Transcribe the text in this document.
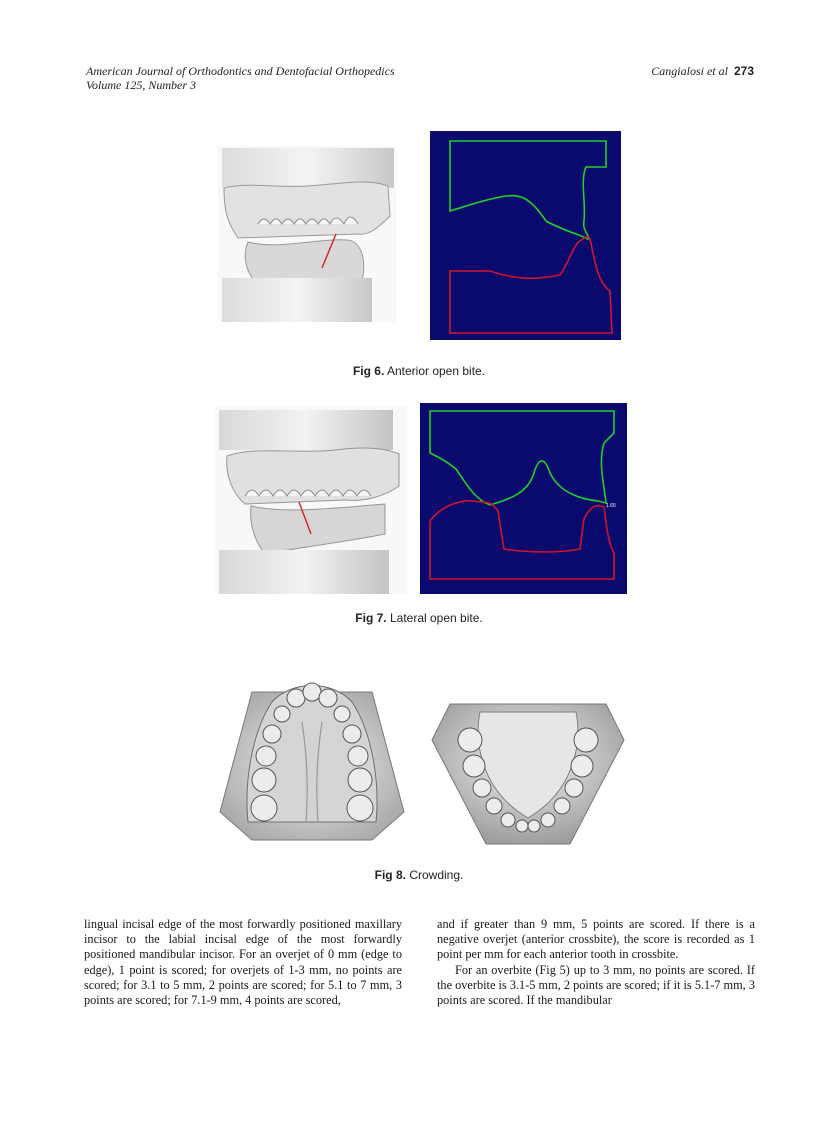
American Journal of Orthodontics and Dentofacial Orthopedics
Volume 125, Number 3
Cangialosi et al 273
Fig 6. Anterior open bite.
1.65
Fig 7. Lateral open bite.
Fig 8. Crowding.

lingual incisal edge of the most forwardly positioned maxillary incisor to the labial incisal edge of the most forwardly positioned mandibular incisor. For an overjet of 0 mm (edge to edge), 1 point is scored; for overjets of 1-3 mm, no points are scored; for 3.1 to 5 mm, 2 points are scored; for 5.1 to 7 mm, 3 points are scored; for 7.1-9 mm, 4 points are scored,

and if greater than 9 mm, 5 points are scored. If there is a negative overjet (anterior crossbite), the score is recorded as 1 point per mm for each anterior tooth in crossbite.

For an overbite (Fig 5) up to 3 mm, no points are scored. If the overbite is 3.1-5 mm, 2 points are scored; if it is 5.1-7 mm, 3 points are scored. If the mandibular
